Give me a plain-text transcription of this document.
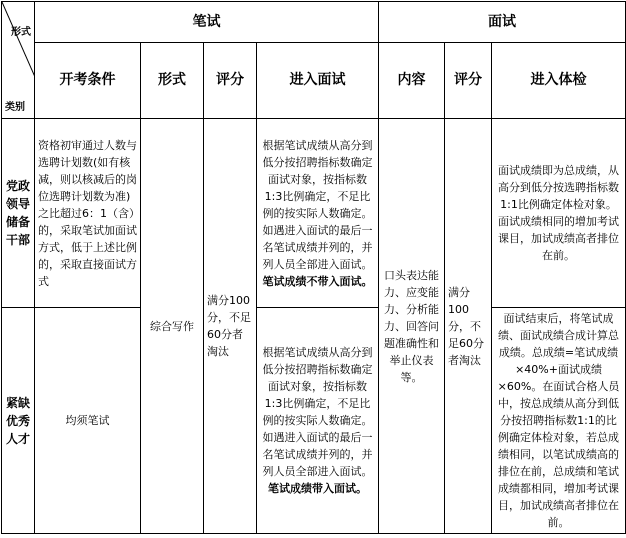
形式
类别	笔试				面试		
	开考条件	形式	评分	进入面试	内容	评分	进入体检
党政领导储备干部	资格初审通过人数与选聘计划数(如有核减，则以核减后的岗位选聘计划数为准)之比超过6：1（含）的，采取笔试加面试方式，低于上述比例的，采取直接面试方式	综合写作	满分100分，不足60分者淘汰	根据笔试成绩从高分到低分按招聘指标数确定面试对象，按指标数1:3比例确定，不足比例的按实际人数确定。如遇进入面试的最后一名笔试成绩并列的，并列人员全部进入面试。笔试成绩不带入面试。	口头表达能力、应变能力、分析能力、回答问题准确性和举止仪表等。	满分100分，不足60分者淘汰	面试成绩即为总成绩，从高分到低分按选聘指标数1:1比例确定体检对象。面试成绩相同的增加考试课目，加试成绩高者排位在前。
紧缺优秀人才	均须笔试			根据笔试成绩从高分到低分按招聘指标数确定面试对象，按指标数1:3比例确定，不足比例的按实际人数确定。如遇进入面试的最后一名笔试成绩并列的，并列人员全部进入面试。笔试成绩带入面试。			面试结束后，将笔试成绩、面试成绩合成计算总成绩。总成绩=笔试成绩×40%+面试成绩×60%。在面试合格人员中，按总成绩从高分到低分按招聘指标数1:1的比例确定体检对象，若总成绩相同，以笔试成绩高的排位在前，总成绩和笔试成绩都相同，增加考试课目，加试成绩高者排位在前。
